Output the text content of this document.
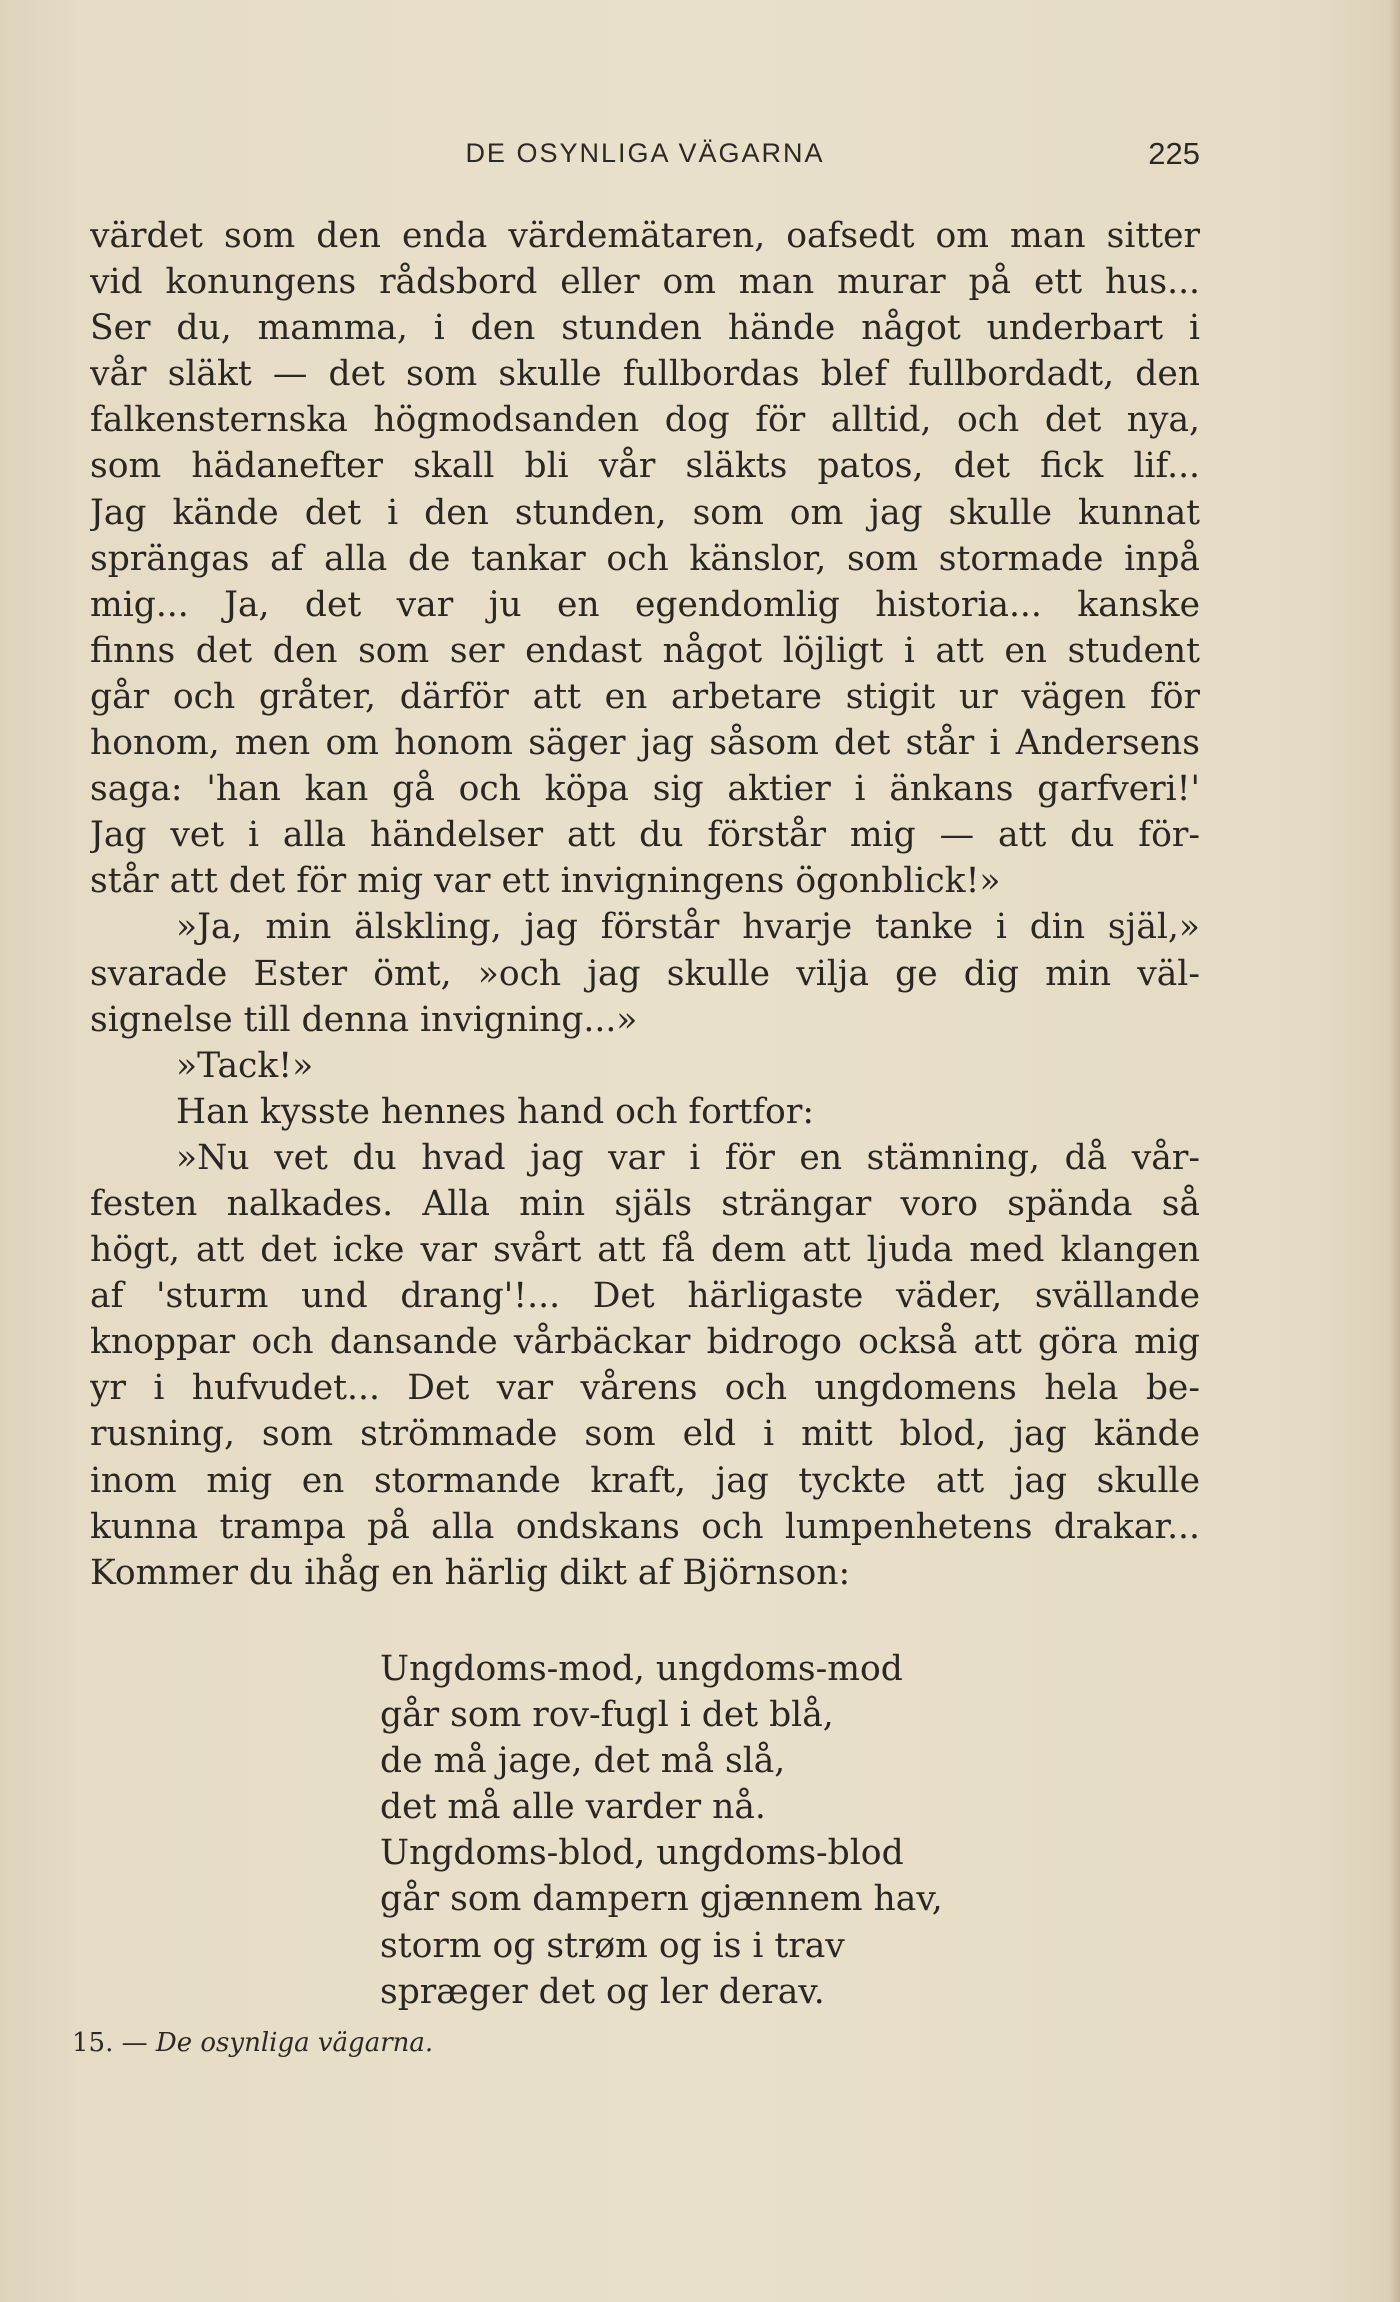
DE OSYNLIGA VÄGARNA	225
värdet som den enda värdemätaren, oafsedt om man sitter
vid konungens rådsbord eller om man murar på ett hus...
Ser du, mamma, i den stunden hände något underbart i
vår släkt — det som skulle fullbordas blef fullbordadt, den
falkensternska högmodsanden dog för alltid, och det nya,
som hädanefter skall bli vår släkts patos, det fick lif...
Jag kände det i den stunden, som om jag skulle kunnat
sprängas af alla de tankar och känslor, som stormade inpå
mig... Ja, det var ju en egendomlig historia... kanske
finns det den som ser endast något löjligt i att en student
går och gråter, därför att en arbetare stigit ur vägen för
honom, men om honom säger jag såsom det står i Andersens
saga: 'han kan gå och köpa sig aktier i änkans garfveri!'
Jag vet i alla händelser att du förstår mig — att du för-
står att det för mig var ett invigningens ögonblick!»
»Ja, min älskling, jag förstår hvarje tanke i din själ,»
svarade Ester ömt, »och jag skulle vilja ge dig min väl-
signelse till denna invigning...»
»Tack!»
Han kysste hennes hand och fortfor:
»Nu vet du hvad jag var i för en stämning, då vår-
festen nalkades. Alla min själs strängar voro spända så
högt, att det icke var svårt att få dem att ljuda med klangen
af 'sturm und drang'!... Det härligaste väder, svällande
knoppar och dansande vårbäckar bidrogo också att göra mig
yr i hufvudet... Det var vårens och ungdomens hela be-
rusning, som strömmade som eld i mitt blod, jag kände
inom mig en stormande kraft, jag tyckte att jag skulle
kunna trampa på alla ondskans och lumpenhetens drakar...
Kommer du ihåg en härlig dikt af Björnson:
Ungdoms-mod, ungdoms-mod
går som rov-fugl i det blå,
de må jage, det må slå,
det må alle varder nå.
Ungdoms-blod, ungdoms-blod
går som dampern gjænnem hav,
storm og strøm og is i trav
spræger det og ler derav.
15. — De osynliga vägarna.
